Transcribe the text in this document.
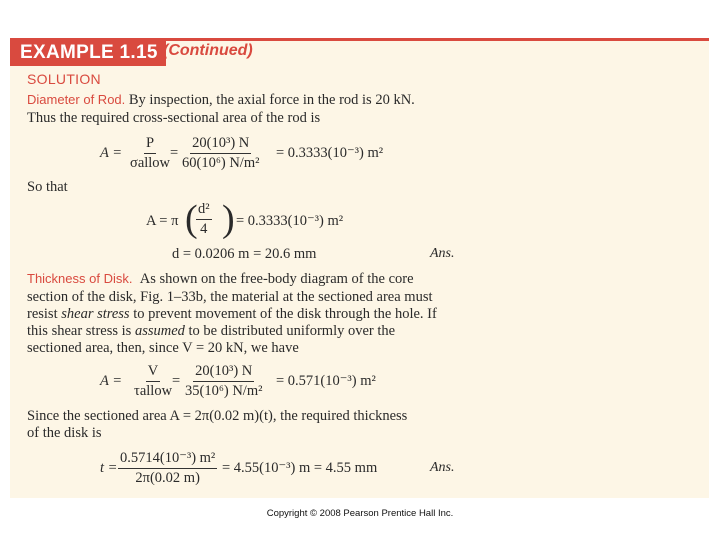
EXAMPLE 1.15 (Continued)
SOLUTION
Diameter of Rod. By inspection, the axial force in the rod is 20 kN.
Thus the required cross-sectional area of the rod is
A =
P
σallow
= $\frac{\text{20(10³) N}}{\text{60(10⁶) N/m²}} = 0.3333(10^{-3})$ m²
So that
A = π (
$\frac{\text{d²}}{4}$ ) = 0.3333(10⁻³) m²
d = 0.0206 m = 20.6 mm	Ans.
Thickness of Disk. As shown on the free-body diagram of the core
section of the disk, Fig. 1–33b, the material at the sectioned area must
resist shear stress to prevent movement of the disk through the hole. If
this shear stress is assumed to be distributed uniformly over the
sectioned area, then, since V = 20 kN, we have
A =
V
τallow
= $\frac{\text{20(10³) N}}{\text{35(10⁶) N/m²}} = 0.571(10^{-3})$ m²
Since the sectioned area A = 2π(0.02 m)(t), the required thickness
of the disk is
$t = \frac{\text{0.5714(10⁻³) m²}}{2\pi(0.02 m)} = 4.55(10^{-3}) m = 4.55$ mm	Ans.
Copyright © 2008 Pearson Prentice Hall Inc.
